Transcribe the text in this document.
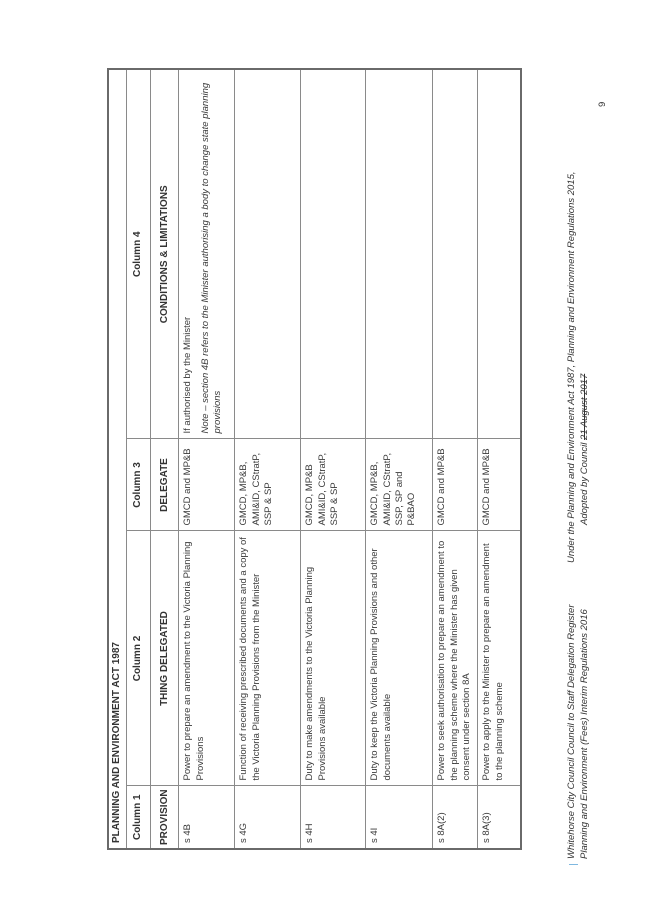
PLANNING AND ENVIRONMENT ACT 1987			
Column 1	Column 2	Column 3	Column 4
PROVISION	THING DELEGATED	DELEGATE	CONDITIONS & LIMITATIONS
s 4B	Power to prepare an amendment to the Victoria Planning Provisions	GMCD and MP&B	If authorised by the Minister Note – section 4B refers to the Minister authorising a body to change state planning provisions

s 4G	Function of receiving prescribed documents and a copy of the Victoria Planning Provisions from the Minister	GMCD, MP&B, AMI&ID, CStratP, SSP & SP	
s 4H	Duty to make amendments to the Victoria Planning Provisions available	GMCD, MP&B AMI&ID, CStratP, SSP & SP	
s 4I	Duty to keep the Victoria Planning Provisions and other documents available	GMCD, MP&B, AMI&ID, CStratP, SSP, SP and P&BAO	
s 8A(2)	Power to seek authorisation to prepare an amendment to the planning scheme where the Minister has given consent under section 8A	GMCD and MP&B	
s 8A(3)	Power to apply to the Minister to prepare an amendment to the planning scheme	GMCD and MP&B	
Whitehorse City Council Council to Staff Delegation Register Planning and Environment (Fees) Interim Regulations 2016
Under the Planning and Environment Act 1987, Planning and Environment Regulations 2015, Adopted by Council 21 August 2017
9
